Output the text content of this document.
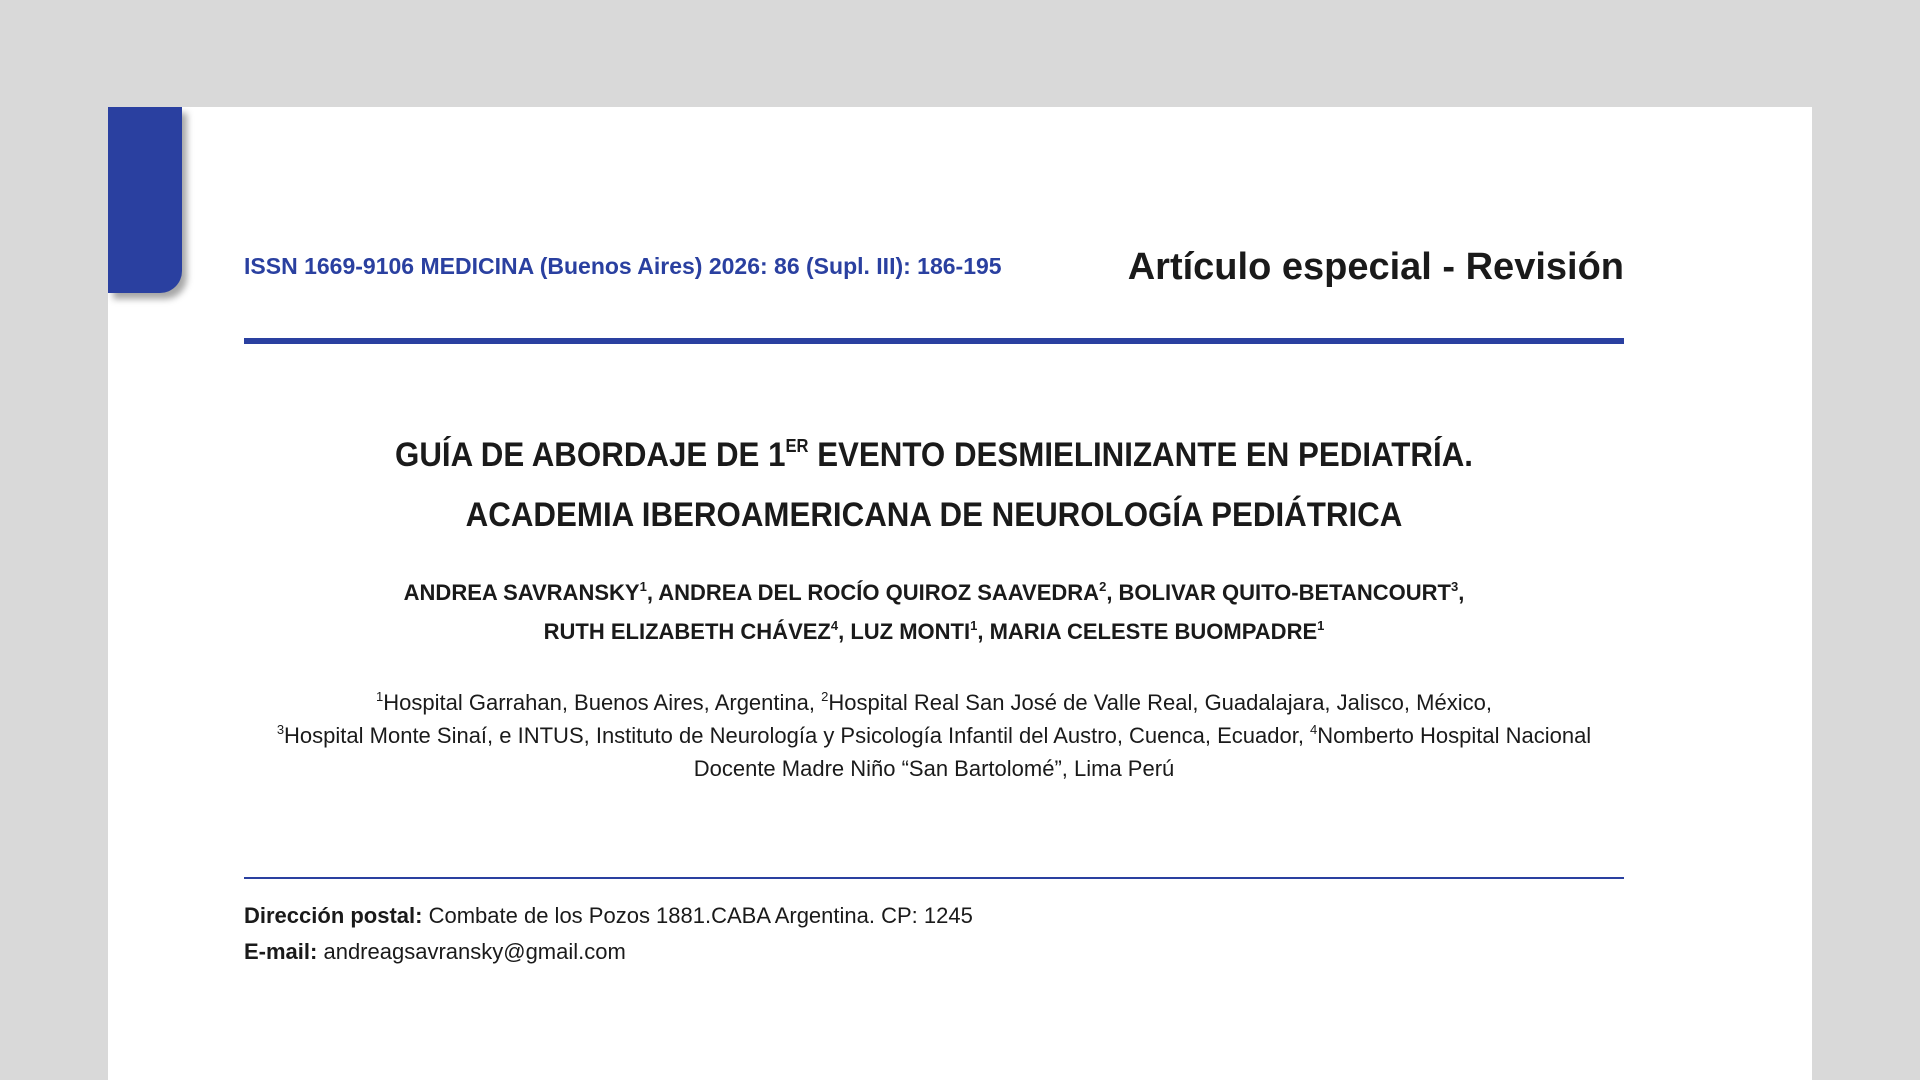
ISSN 1669-9106 MEDICINA (Buenos Aires) 2026: 86 (Supl. III): 186-195	Artículo especial - Revisión

GUÍA DE ABORDAJE DE 1ER EVENTO DESMIELINIZANTE EN PEDIATRÍA.
ACADEMIA IBEROAMERICANA DE NEUROLOGÍA PEDIÁTRICA

ANDREA SAVRANSKY$^1$, ANDREA DEL ROCÍO QUIROZ SAAVEDRA$^2$, BOLIVAR QUITO-BETANCOURT$^3$,
RUTH ELIZABETH CHÁVEZ$^4$, LUZ MONTI$^1$, MARIA CELESTE BUOMPADRE$^1$

$^1$Hospital Garrahan, Buenos Aires, Argentina, $^2$Hospital Real San José de Valle Real, Guadalajara, Jalisco, México,
$^3$Hospital Monte Sinaí, e INTUS, Instituto de Neurología y Psicología Infantil del Austro, Cuenca, Ecuador, $^4$Nomberto Hospital Nacional Docente Madre Niño “San Bartolomé”, Lima Perú

Dirección postal: Combate de los Pozos 1881.CABA Argentina. CP: 1245
E-mail: andreagsavransky@gmail.com
